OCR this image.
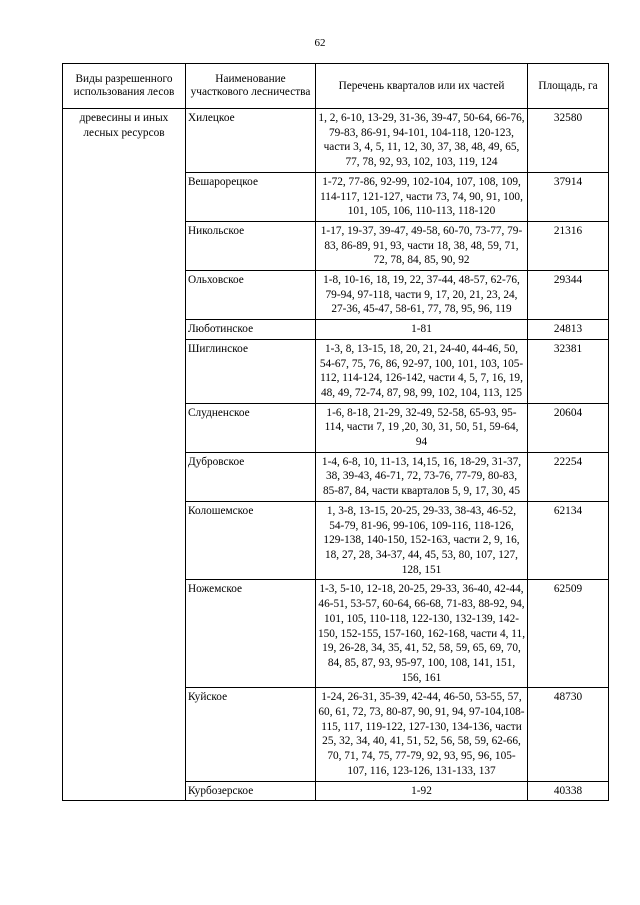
62
Виды разрешенного использования лесов	Наименование участкового лесничества	Перечень кварталов или их частей	Площадь, га
древесины и иных лесных ресурсов	Хилецкое	1, 2, 6-10, 13-29, 31-36, 39-47, 50-64, 66-76, 79-83, 86-91, 94-101, 104-118, 120-123, части 3, 4, 5, 11, 12, 30, 37, 38, 48, 49, 65, 77, 78, 92, 93, 102, 103, 119, 124	32580
	Вешарорецкое	1-72, 77-86, 92-99, 102-104, 107, 108, 109, 114-117, 121-127, части 73, 74, 90, 91, 100, 101, 105, 106, 110-113, 118-120	37914
	Никольское	1-17, 19-37, 39-47, 49-58, 60-70, 73-77, 79-83, 86-89, 91, 93, части 18, 38, 48, 59, 71, 72, 78, 84, 85, 90, 92	21316
	Ольховское	1-8, 10-16, 18, 19, 22, 37-44, 48-57, 62-76, 79-94, 97-118, части 9, 17, 20, 21, 23, 24, 27-36, 45-47, 58-61, 77, 78, 95, 96, 119	29344
	Люботинское	1-81	24813
	Шиглинское	1-3, 8, 13-15, 18, 20, 21, 24-40, 44-46, 50, 54-67, 75, 76, 86, 92-97, 100, 101, 103, 105-112, 114-124, 126-142, части 4, 5, 7, 16, 19, 48, 49, 72-74, 87, 98, 99, 102, 104, 113, 125	32381
	Слудненское	1-6, 8-18, 21-29, 32-49, 52-58, 65-93, 95-114, части 7, 19 ,20, 30, 31, 50, 51, 59-64, 94	20604
	Дубровское	1-4, 6-8, 10, 11-13, 14,15, 16, 18-29, 31-37, 38, 39-43, 46-71, 72, 73-76, 77-79, 80-83, 85-87, 84, части кварталов 5, 9, 17, 30, 45	22254
	Колошемское	1, 3-8, 13-15, 20-25, 29-33, 38-43, 46-52, 54-79, 81-96, 99-106, 109-116, 118-126, 129-138, 140-150, 152-163, части 2, 9, 16, 18, 27, 28, 34-37, 44, 45, 53, 80, 107, 127, 128, 151	62134
	Ножемское	1-3, 5-10, 12-18, 20-25, 29-33, 36-40, 42-44, 46-51, 53-57, 60-64, 66-68, 71-83, 88-92, 94, 101, 105, 110-118, 122-130, 132-139, 142-150, 152-155, 157-160, 162-168, части 4, 11, 19, 26-28, 34, 35, 41, 52, 58, 59, 65, 69, 70, 84, 85, 87, 93, 95-97, 100, 108, 141, 151, 156, 161	62509
	Куйское	1-24, 26-31, 35-39, 42-44, 46-50, 53-55, 57, 60, 61, 72, 73, 80-87, 90, 91, 94, 97-104,108-115, 117, 119-122, 127-130, 134-136, части 25, 32, 34, 40, 41, 51, 52, 56, 58, 59, 62-66, 70, 71, 74, 75, 77-79, 92, 93, 95, 96, 105-107, 116, 123-126, 131-133, 137	48730
	Курбозерское	1-92	40338
